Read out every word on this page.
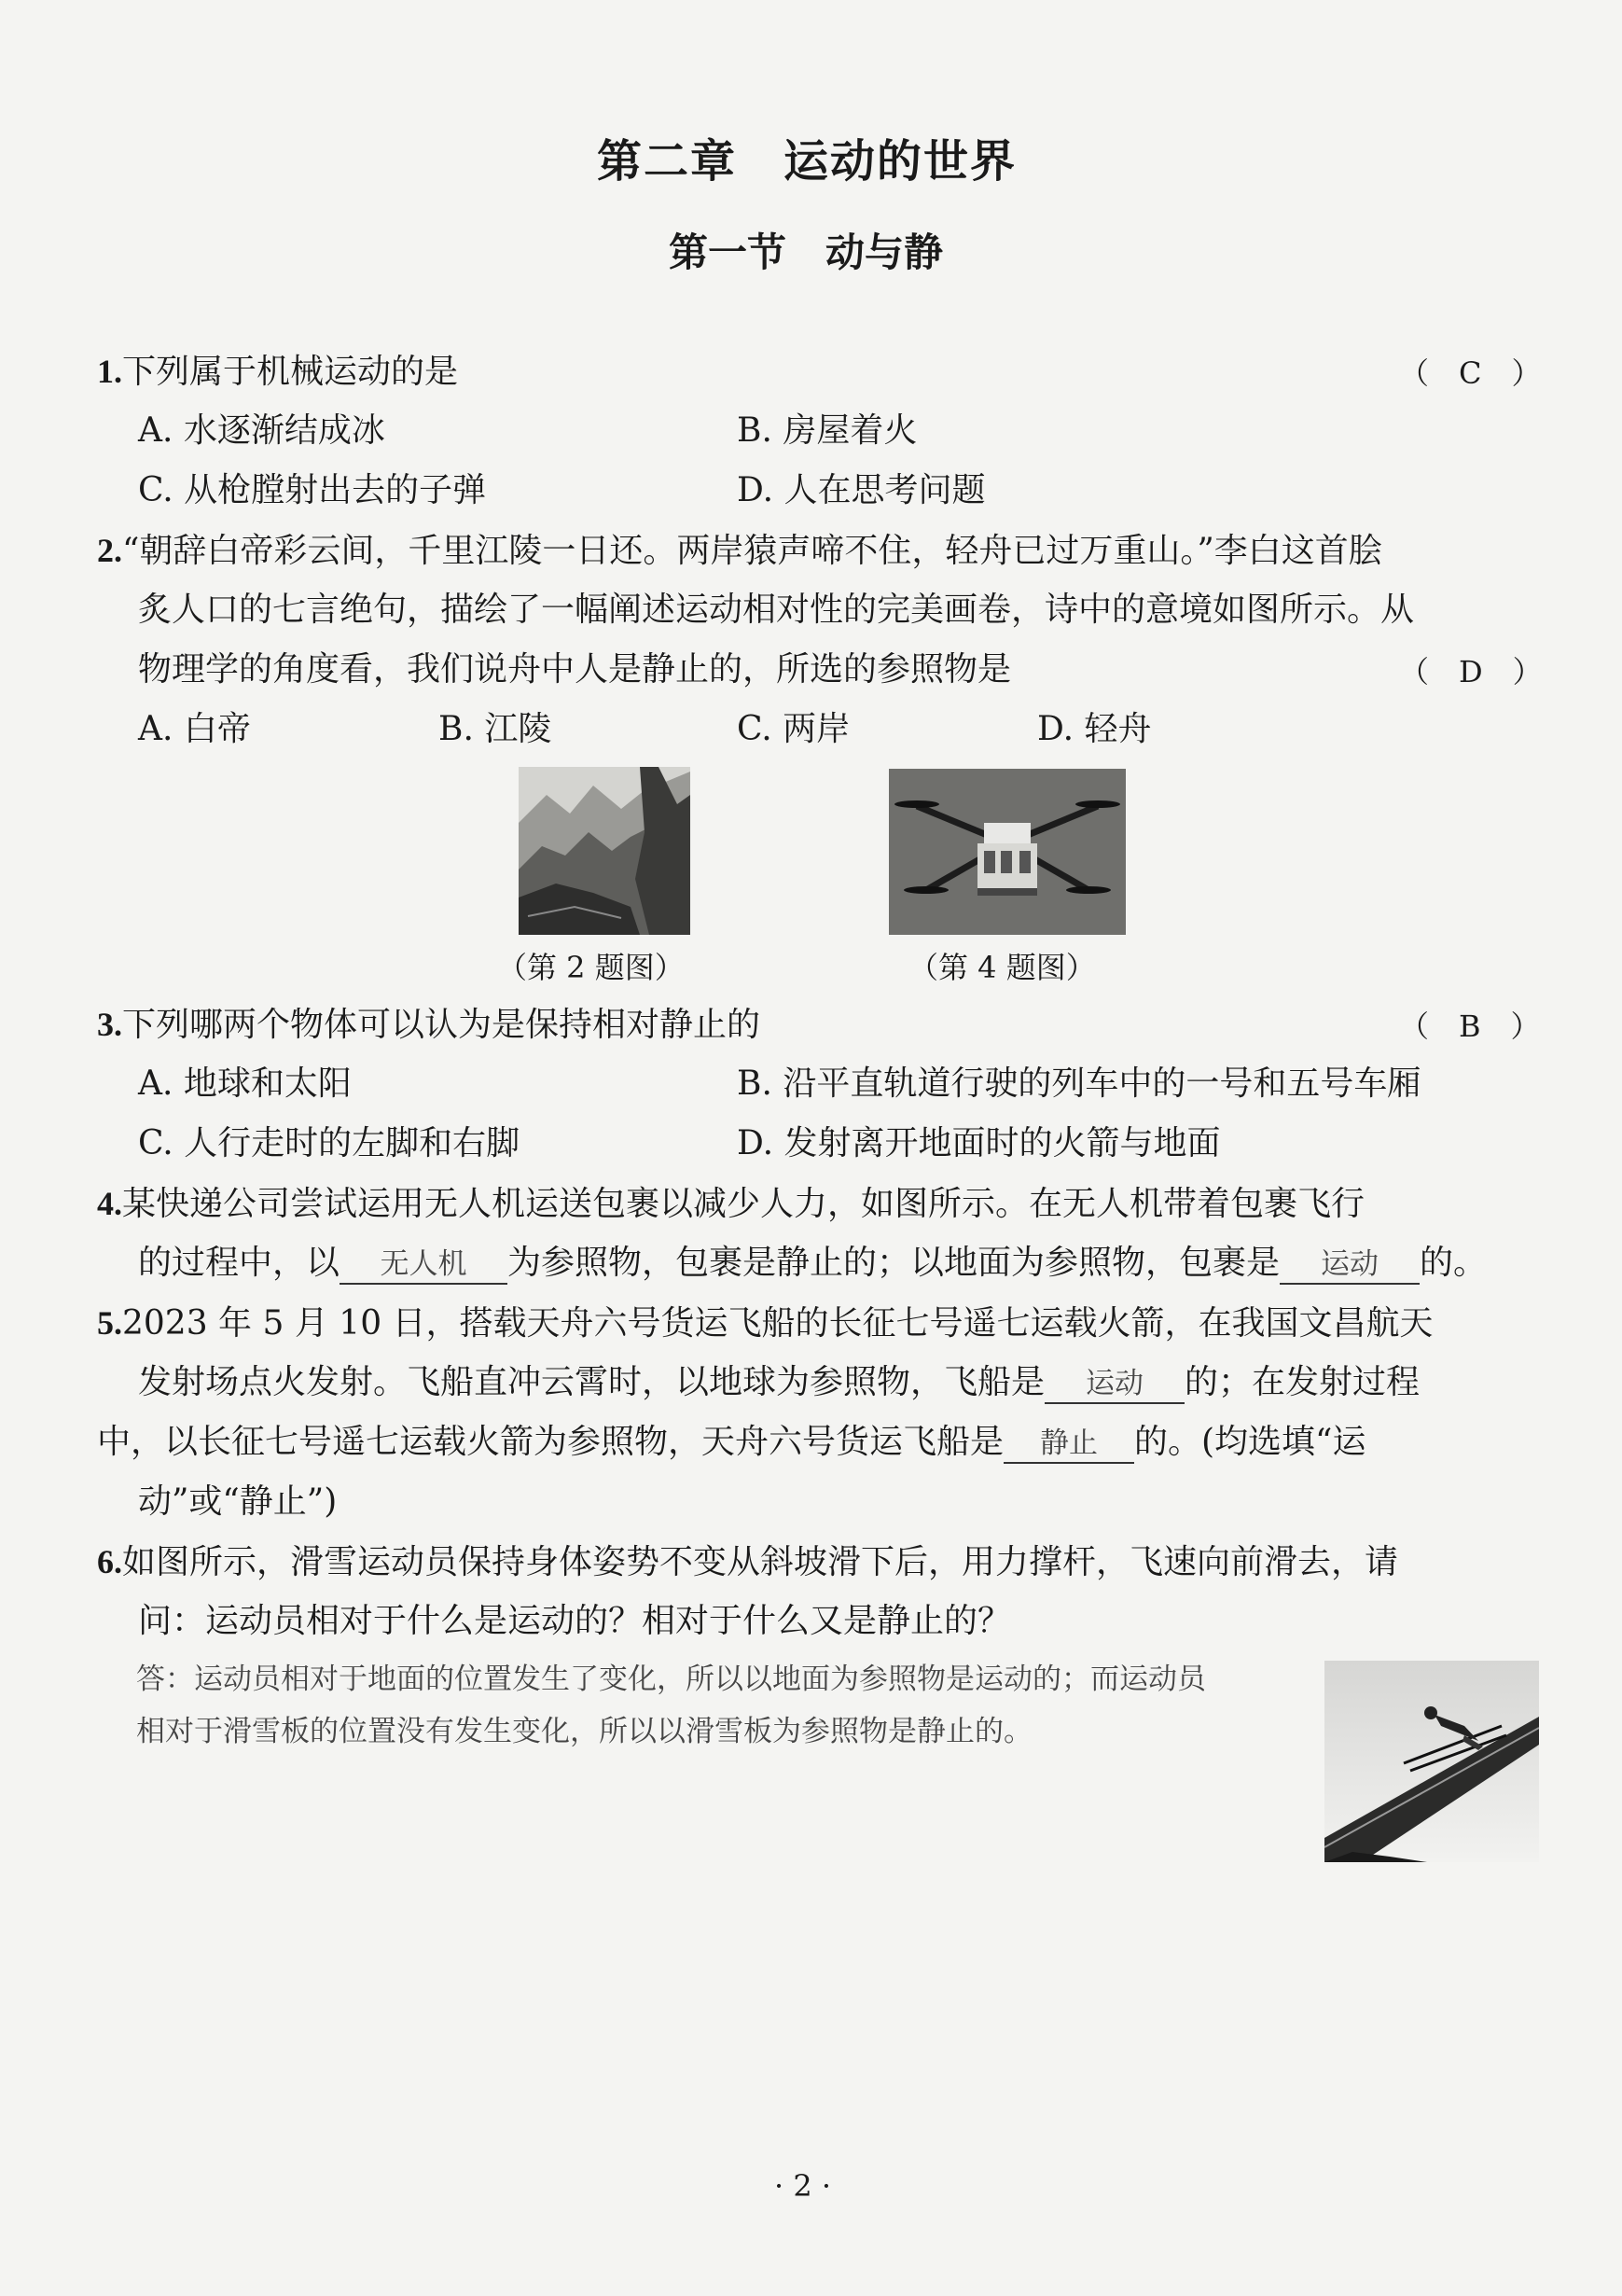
第二章　运动的世界
第一节　动与静
1.下列属于机械运动的是	（　C　）
A. 水逐渐结成冰	B. 房屋着火
C. 从枪膛射出去的子弹	D. 人在思考问题
2.“朝辞白帝彩云间，千里江陵一日还。两岸猿声啼不住，轻舟已过万重山。”李白这首脍
炙人口的七言绝句，描绘了一幅阐述运动相对性的完美画卷，诗中的意境如图所示。从
物理学的角度看，我们说舟中人是静止的，所选的参照物是	（　D　）
A. 白帝	B. 江陵	C. 两岸	D. 轻舟
（第 2 题图）	（第 4 题图）
3.下列哪两个物体可以认为是保持相对静止的	（　B　）
A. 地球和太阳	B. 沿平直轨道行驶的列车中的一号和五号车厢
C. 人行走时的左脚和右脚	D. 发射离开地面时的火箭与地面
4.某快递公司尝试运用无人机运送包裹以减少人力，如图所示。在无人机带着包裹飞行
的过程中，以 无人机 为参照物，包裹是静止的；以地面为参照物，包裹是 运动 的。
5.2023 年 5 月 10 日，搭载天舟六号货运飞船的长征七号遥七运载火箭，在我国文昌航天
发射场点火发射。飞船直冲云霄时，以地球为参照物，飞船是 运动 的；在发射过程
中，以长征七号遥七运载火箭为参照物，天舟六号货运飞船是 静止 的。(均选填“运
动”或“静止”)
6.如图所示，滑雪运动员保持身体姿势不变从斜坡滑下后，用力撑杆，飞速向前滑去，请
问：运动员相对于什么是运动的？相对于什么又是静止的？
答：运动员相对于地面的位置发生了变化，所以以地面为参照物是运动的；而运动员
相对于滑雪板的位置没有发生变化，所以以滑雪板为参照物是静止的。
· 2 ·
